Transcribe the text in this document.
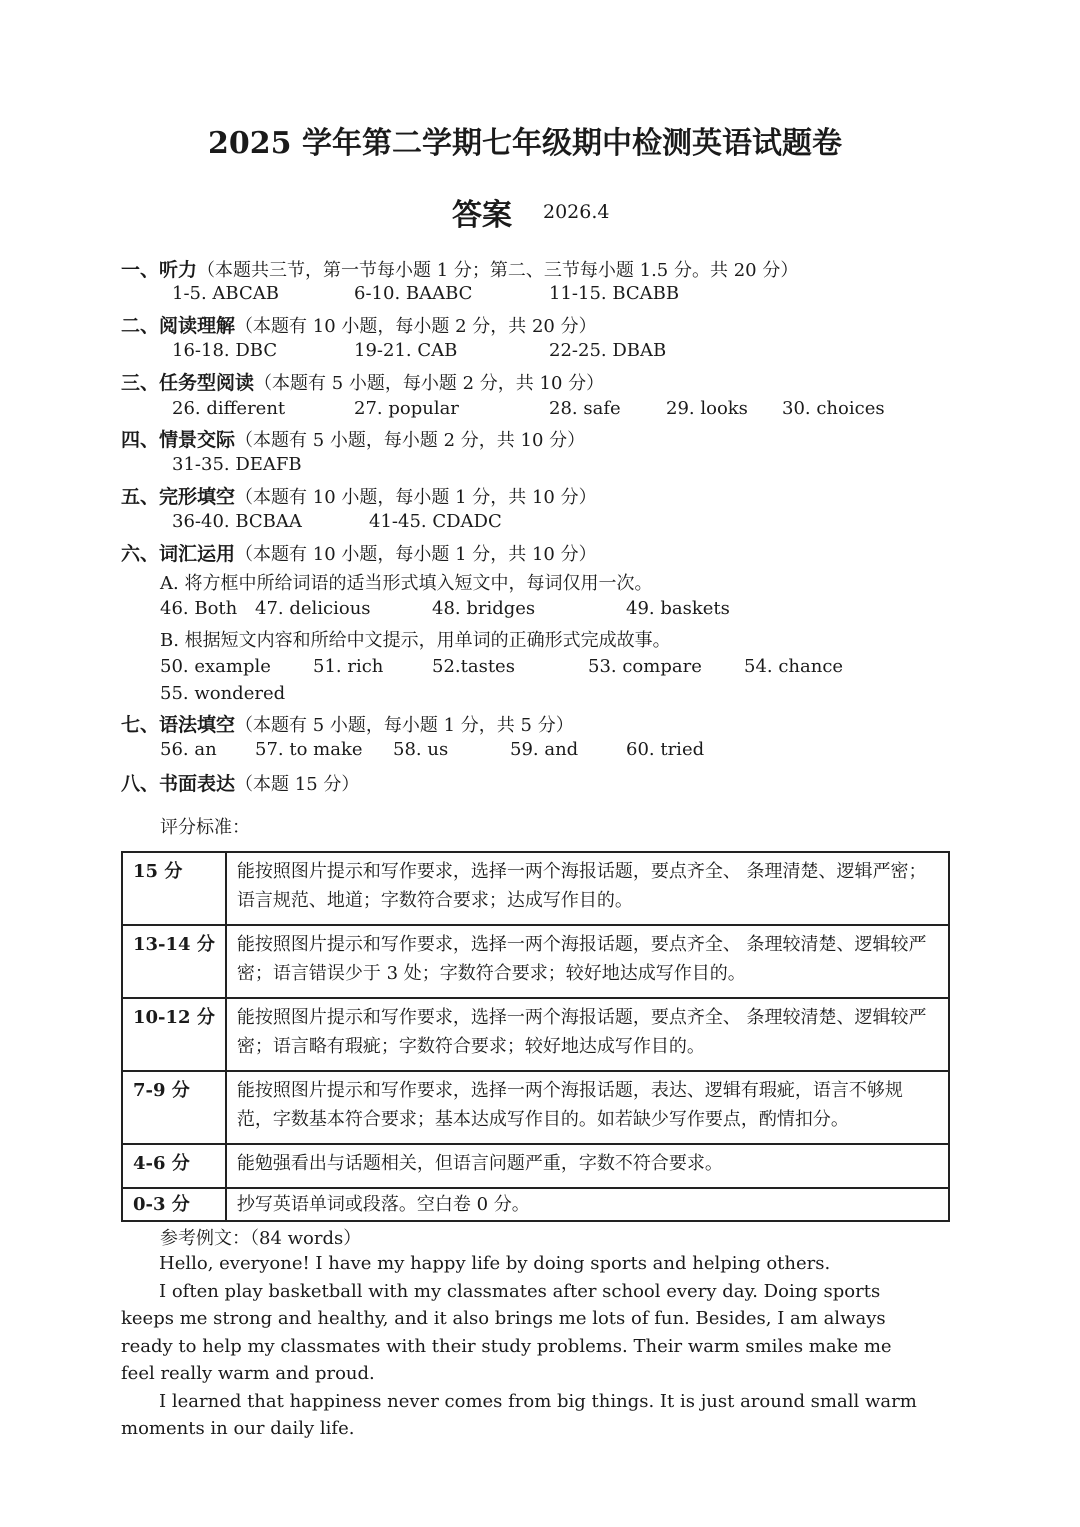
2025 学年第二学期七年级期中检测英语试题卷
答案 2026.4
一、听力（本题共三节，第一节每小题 1 分；第二、三节每小题 1.5 分。共 20 分）
1-5. ABCAB	6-10. BAABC	11-15. BCABB
二、阅读理解（本题有 10 小题，每小题 2 分，共 20 分）
16-18. DBC	19-21. CAB	22-25. DBAB
三、任务型阅读（本题有 5 小题，每小题 2 分，共 10 分）
26. different	27. popular	28. safe	29. looks 30. choices
四、情景交际（本题有 5 小题，每小题 2 分，共 10 分）
31-35. DEAFB
五、完形填空（本题有 10 小题，每小题 1 分，共 10 分）
36-40. BCBAA	41-45. CDADC
六、词汇运用（本题有 10 小题，每小题 1 分，共 10 分）
A. 将方框中所给词语的适当形式填入短文中，每词仅用一次。
46. Both 47. delicious	48. bridges	49. baskets
B. 根据短文内容和所给中文提示，用单词的正确形式完成故事。
50. example 51. rich	52.tastes	53. compare 54. chance
55. wondered
七、语法填空（本题有 5 小题，每小题 1 分，共 5 分）
56. an 57. to make 58. us	59. and	60. tried
八、书面表达（本题 15 分）
评分标准：
15 分	能按照图片提示和写作要求，选择一两个海报话题，要点齐全、 条理清楚、逻辑严密；语言规范、地道；字数符合要求；达成写作目的。
13-14 分	能按照图片提示和写作要求，选择一两个海报话题，要点齐全、 条理较清楚、逻辑较严密；语言错误少于 3 处；字数符合要求；较好地达成写作目的。
10-12 分	能按照图片提示和写作要求，选择一两个海报话题，要点齐全、 条理较清楚、逻辑较严密；语言略有瑕疵；字数符合要求；较好地达成写作目的。
7-9 分	能按照图片提示和写作要求，选择一两个海报话题，表达、逻辑有瑕疵，语言不够规范，字数基本符合要求；基本达成写作目的。如若缺少写作要点，酌情扣分。
4-6 分	能勉强看出与话题相关，但语言问题严重，字数不符合要求。
0-3 分	抄写英语单词或段落。空白卷 0 分。
参考例文：（84 words）
Hello, everyone! I have my happy life by doing sports and helping others.
I often play basketball with my classmates after school every day. Doing sports keeps me strong and healthy, and it also brings me lots of fun. Besides, I am always ready to help my classmates with their study problems. Their warm smiles make me feel really warm and proud.
I learned that happiness never comes from big things. It is just around small warm moments in our daily life.
